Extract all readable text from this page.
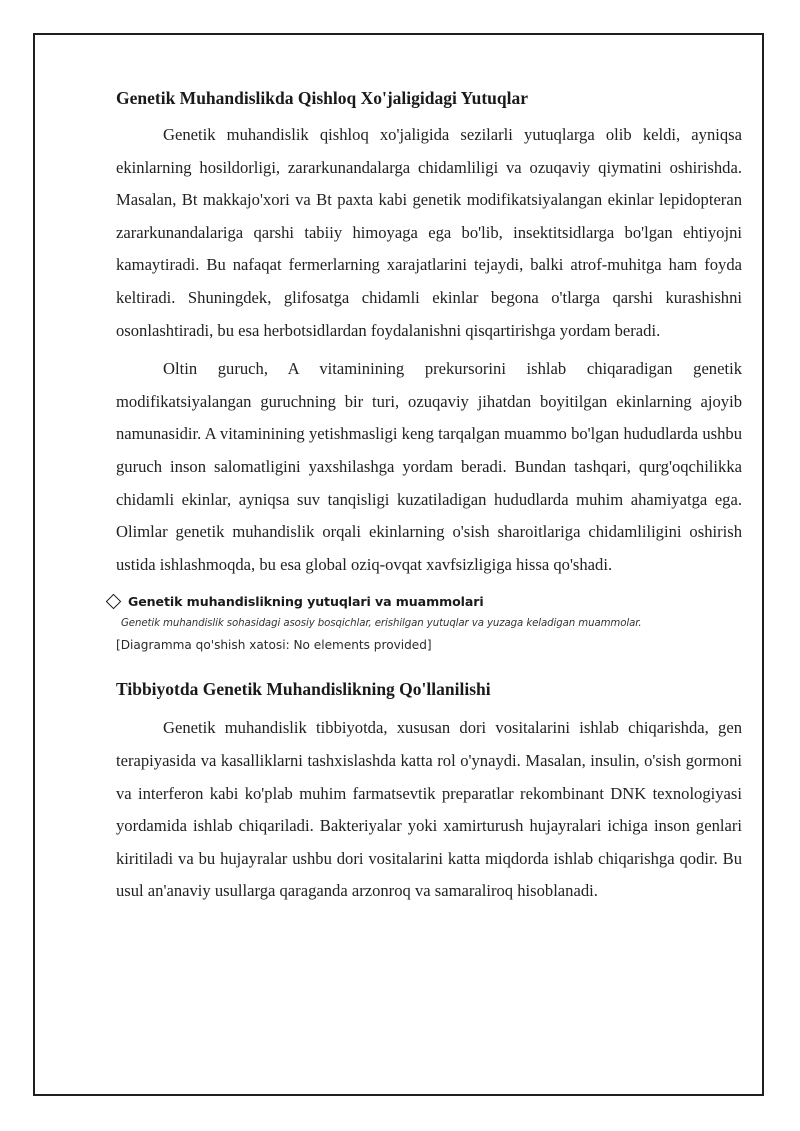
Genetik Muhandislikda Qishloq Xo'jaligidagi Yutuqlar

Genetik muhandislik qishloq xo'jaligida sezilarli yutuqlarga olib keldi, ayniqsa ekinlarning hosildorligi, zararkunandalarga chidamliligi va ozuqaviy qiymatini oshirishda. Masalan, Bt makkajo'xori va Bt paxta kabi genetik modifikatsiyalangan ekinlar lepidopteran zararkunandalariga qarshi tabiiy himoyaga ega bo'lib, insektitsidlarga bo'lgan ehtiyojni kamaytiradi. Bu nafaqat fermerlarning xarajatlarini tejaydi, balki atrof-muhitga ham foyda keltiradi. Shuningdek, glifosatga chidamli ekinlar begona o'tlarga qarshi kurashishni osonlashtiradi, bu esa herbotsidlardan foydalanishni qisqartirishga yordam beradi.

Oltin guruch, A vitaminining prekursorini ishlab chiqaradigan genetik modifikatsiyalangan guruchning bir turi, ozuqaviy jihatdan boyitilgan ekinlarning ajoyib namunasidir. A vitaminining yetishmasligi keng tarqalgan muammo bo'lgan hududlarda ushbu guruch inson salomatligini yaxshilashga yordam beradi. Bundan tashqari, qurg'oqchilikka chidamli ekinlar, ayniqsa suv tanqisligi kuzatiladigan hududlarda muhim ahamiyatga ega. Olimlar genetik muhandislik orqali ekinlarning o'sish sharoitlariga chidamliligini oshirish ustida ishlashmoqda, bu esa global oziq-ovqat xavfsizligiga hissa qo'shadi.

Genetik muhandislikning yutuqlari va muammolari
Genetik muhandislik sohasidagi asosiy bosqichlar, erishilgan yutuqlar va yuzaga keladigan muammolar.
[Diagramma qo'shish xatosi: No elements provided]
Tibbiyotda Genetik Muhandislikning Qo'llanilishi

Genetik muhandislik tibbiyotda, xususan dori vositalarini ishlab chiqarishda, gen terapiyasida va kasalliklarni tashxislashda katta rol o'ynaydi. Masalan, insulin, o'sish gormoni va interferon kabi ko'plab muhim farmatsevtik preparatlar rekombinant DNK texnologiyasi yordamida ishlab chiqariladi. Bakteriyalar yoki xamirturush hujayralari ichiga inson genlari kiritiladi va bu hujayralar ushbu dori vositalarini katta miqdorda ishlab chiqarishga qodir. Bu usul an'anaviy usullarga qaraganda arzonroq va samaraliroq hisoblanadi.
